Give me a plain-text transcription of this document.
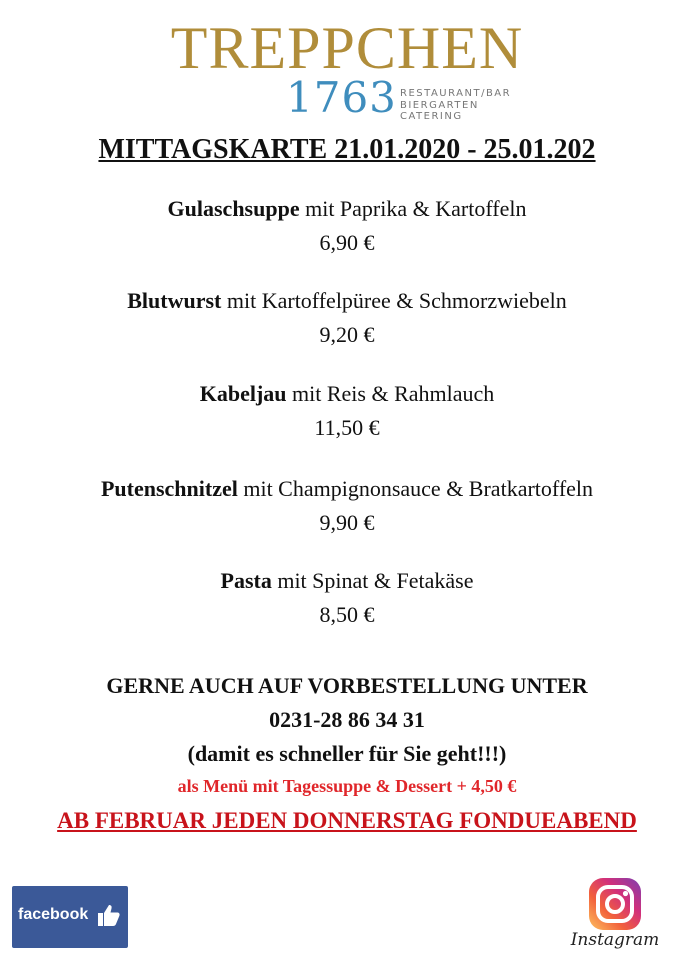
TREPPCHEN
1763 RESTAURANT/BAR
BIERGARTEN
CATERING
MITTAGSKARTE 21.01.2020 - 25.01.202
Gulaschsuppe mit Paprika & Kartoffeln
6,90 €
Blutwurst mit Kartoffelpüree & Schmorzwiebeln
9,20 €
Kabeljau mit Reis & Rahmlauch
11,50 €
Putenschnitzel mit Champignonsauce & Bratkartoffeln
9,90 €
Pasta mit Spinat & Fetakäse
8,50 €
GERNE AUCH AUF VORBESTELLUNG UNTER
0231-28 86 34 31
(damit es schneller für Sie geht!!!)
als Menü mit Tagessuppe & Dessert + 4,50 €
AB FEBRUAR JEDEN DONNERSTAG FONDUEABEND
facebook
Instagram
